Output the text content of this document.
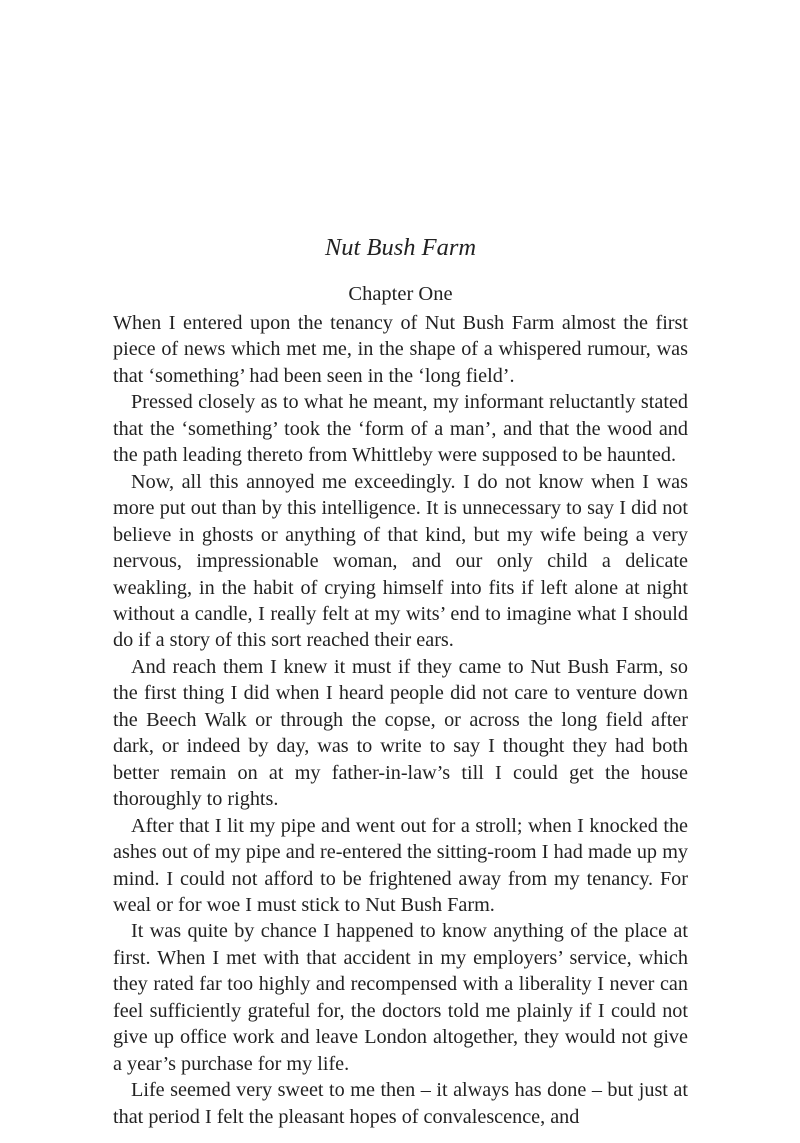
Nut Bush Farm
Chapter One

When I entered upon the tenancy of Nut Bush Farm almost the first piece of news which met me, in the shape of a whispered rumour, was that ‘something’ had been seen in the ‘long field’.

Pressed closely as to what he meant, my informant reluctantly stated that the ‘something’ took the ‘form of a man’, and that the wood and the path leading thereto from Whittleby were supposed to be haunted.

Now, all this annoyed me exceedingly. I do not know when I was more put out than by this intelligence. It is unnecessary to say I did not believe in ghosts or anything of that kind, but my wife being a very nervous, impressionable woman, and our only child a delicate weakling, in the habit of crying himself into fits if left alone at night without a candle, I really felt at my wits’ end to imagine what I should do if a story of this sort reached their ears.

And reach them I knew it must if they came to Nut Bush Farm, so the first thing I did when I heard people did not care to venture down the Beech Walk or through the copse, or across the long field after dark, or indeed by day, was to write to say I thought they had both better remain on at my father-in-law’s till I could get the house thoroughly to rights.

After that I lit my pipe and went out for a stroll; when I knocked the ashes out of my pipe and re-entered the sitting-room I had made up my mind. I could not afford to be frightened away from my tenancy. For weal or for woe I must stick to Nut Bush Farm.

It was quite by chance I happened to know anything of the place at first. When I met with that accident in my employers’ service, which they rated far too highly and recompensed with a liberality I never can feel sufficiently grateful for, the doctors told me plainly if I could not give up office work and leave London altogether, they would not give a year’s purchase for my life.

Life seemed very sweet to me then – it always has done – but just at that period I felt the pleasant hopes of convalescence, and
